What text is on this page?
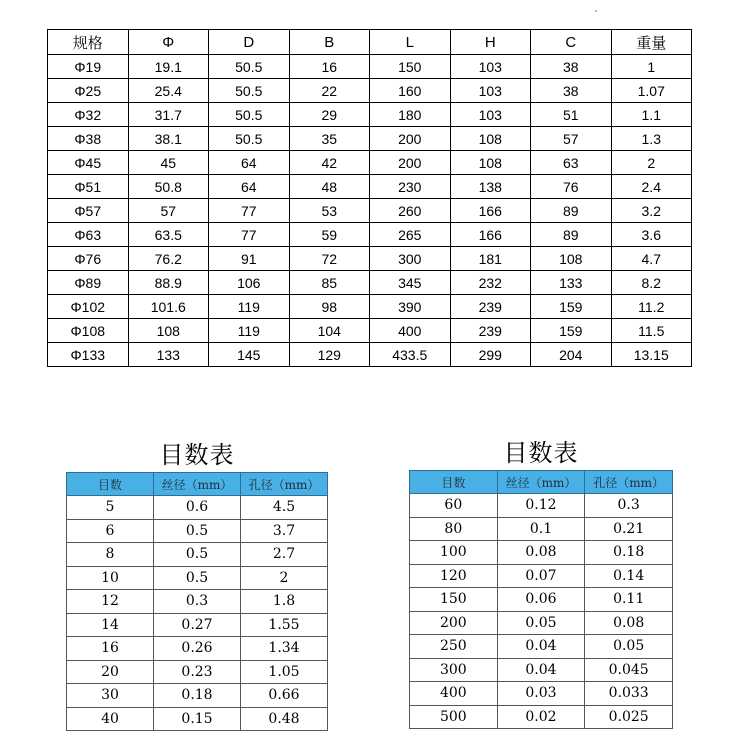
规格	Φ	D	B	L	H	C	重量
Φ19	19.1	50.5	16	150	103	38	1
Φ25	25.4	50.5	22	160	103	38	1.07
Φ32	31.7	50.5	29	180	103	51	1.1
Φ38	38.1	50.5	35	200	108	57	1.3
Φ45	45	64	42	200	108	63	2
Φ51	50.8	64	48	230	138	76	2.4
Φ57	57	77	53	260	166	89	3.2
Φ63	63.5	77	59	265	166	89	3.6
Φ76	76.2	91	72	300	181	108	4.7
Φ89	88.9	106	85	345	232	133	8.2
Φ102	101.6	119	98	390	239	159	11.2
Φ108	108	119	104	400	239	159	11.5
Φ133	133	145	129	433.5	299	204	13.15
目数表
目数	丝径（mm）	孔径（mm）
5	0.6	4.5
6	0.5	3.7
8	0.5	2.7
10	0.5	2
12	0.3	1.8
14	0.27	1.55
16	0.26	1.34
20	0.23	1.05
30	0.18	0.66
40	0.15	0.48
目数表
目数	丝径（mm）	孔径（mm）
60	0.12	0.3
80	0.1	0.21
100	0.08	0.18
120	0.07	0.14
150	0.06	0.11
200	0.05	0.08
250	0.04	0.05
300	0.04	0.045
400	0.03	0.033
500	0.02	0.025
